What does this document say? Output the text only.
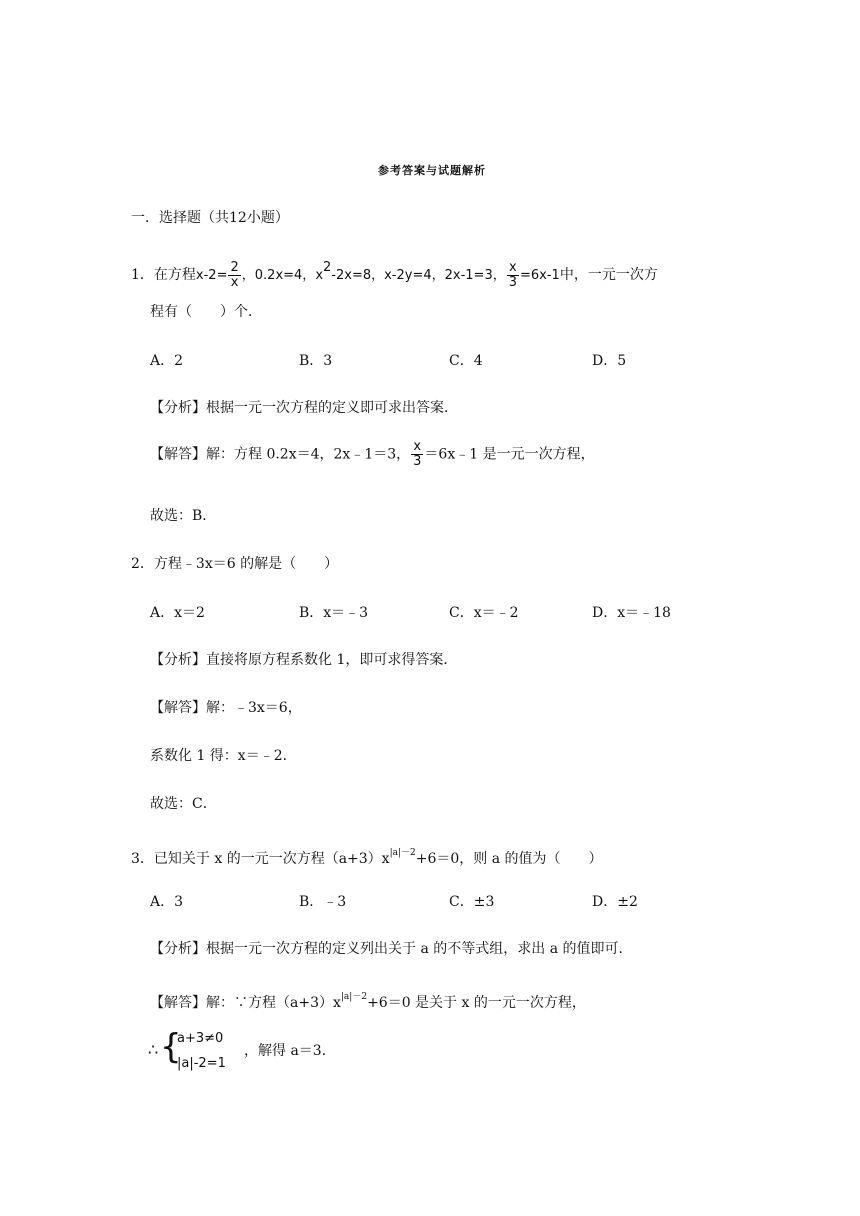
参考答案与试题解析
一．选择题（共12小题）
1．在方程$x-2= \frac{2}{x}$ ，0.2x=4，x2-2x=8，x-2y=4，2x-1=3， $\frac{x}{3} =6x-1$中，一元一次方
程有（　　）个．
A．2	B．3	C．4	D．5
【分析】根据一元一次方程的定义即可求出答案．
【解答】解：方程 0.2x＝4，2x﹣1＝3， $\frac{x}{3}$ ＝6x﹣1 是一元一次方程，
故选：B．
2．方程﹣3x＝6 的解是（　　）
A．x＝2	B．x＝﹣3	C．x＝﹣2	D．x＝﹣18
【分析】直接将原方程系数化 1，即可求得答案．
【解答】解：﹣3x＝6，
系数化 1 得：x＝﹣2．
故选：C．
3．已知关于 x 的一元一次方程$(a+3)x^{|a|-2}+6=0$，则 a 的值为（　　）
A．3	B．﹣3	C．±3	D．±2
【分析】根据一元一次方程的定义列出关于 a 的不等式组，求出 a 的值即可．
【解答】解：∵方程$(a+3)x^{|a|-2}+6=0$ 是关于 x 的一元一次方程，
∴ {
a+3≠0
|a|-2=1
，解得 a＝3．
